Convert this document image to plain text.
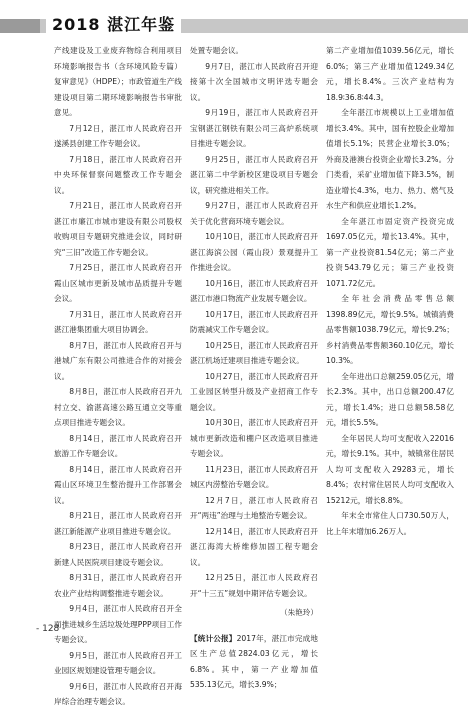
2018 湛江年鉴

产线建设及工业废弃物综合利用项目环境影响报告书（含环境风险专篇）复审意见》（HDPE）；市政管道生产线建设项目第二期环境影响报告书审批意见。

7月12日，湛江市人民政府召开遂溪县创建工作专题会议。

7月18日，湛江市人民政府召开中央环保督察问题整改工作专题会议。

7月21日，湛江市人民政府召开湛江市廉江市城市建设有限公司股权收购项目专题研究推进会议，同时研究“三旧”改造工作专题会议。

7月25日，湛江市人民政府召开霞山区城市更新及城市品质提升专题会议。

7月31日，湛江市人民政府召开湛江港集团重大项目协调会。

8月7日，湛江市人民政府召开与港城广东有限公司推进合作的对接会议。

8月8日，湛江市人民政府召开九村立交、渝湛高速公路互通立交等重点项目推进专题会议。

8月14日，湛江市人民政府召开旅游工作专题会议。

8月14日，湛江市人民政府召开霞山区环境卫生整治提升工作部署会议。

8月21日，湛江市人民政府召开湛江新能源产业项目推进专题会议。

8月23日，湛江市人民政府召开新建人民医院项目建设专题会议。

8月31日，湛江市人民政府召开农业产业结构调整推进专题会议。

9月4日，湛江市人民政府召开全面推进城乡生活垃圾处理PPP项目工作专题会议。

9月5日，湛江市人民政府召开工业园区规划建设管理专题会议。

9月6日，湛江市人民政府召开海岸综合治理专题会议。

处置专题会议。

9月7日，湛江市人民政府召开迎接第十次全国城市文明评选专题会议。

9月19日，湛江市人民政府召开宝钢湛江钢铁有限公司三高炉系统项目推进专题会议。

9月25日，湛江市人民政府召开湛江第二中学新校区建设项目专题会议，研究推进相关工作。

9月27日，湛江市人民政府召开关于优化营商环境专题会议。

10月10日，湛江市人民政府召开湛江海滨公园（霞山段）景观提升工作推进会议。

10月16日，湛江市人民政府召开湛江市港口物流产业发展专题会议。

10月17日，湛江市人民政府召开防震减灾工作专题会议。

10月25日，湛江市人民政府召开湛江机场迁建项目推进专题会议。

10月27日，湛江市人民政府召开工业园区转型升级及产业招商工作专题会议。

10月30日，湛江市人民政府召开城市更新改造和棚户区改造项目推进专题会议。

11月23日，湛江市人民政府召开城区内涝整治专题会议。

12月7日，湛江市人民政府召开“两违”治理与土地整治专题会议。

12月14日，湛江市人民政府召开湛江海湾大桥维修加固工程专题会议。

12月25日，湛江市人民政府召开“十三五”规划中期评估专题会议。

（朱艳玲）

【统计公报】2017年，湛江市完成地区生产总值2824.03亿元，增长6.8%。其中，第一产业增加值535.13亿元，增长3.9%；

第二产业增加值1039.56亿元，增长6.0%；第三产业增加值1249.34亿元，增长8.4%。三次产业结构为18.9∶36.8∶44.3。

全年湛江市规模以上工业增加值增长3.4%。其中，国有控股企业增加值增长5.1%；民营企业增长3.0%；外商及港澳台投资企业增长3.2%。分门类看，采矿业增加值下降3.5%，制造业增长4.3%，电力、热力、燃气及水生产和供应业增长1.2%。

全年湛江市固定资产投资完成1697.05亿元，增长13.4%。其中，第一产业投资81.54亿元；第二产业投资543.79亿元；第三产业投资1071.72亿元。

全年社会消费品零售总额1398.89亿元，增长9.5%。城镇消费品零售额1038.79亿元，增长9.2%；乡村消费品零售额360.10亿元，增长10.3%。

全年进出口总额259.05亿元，增长2.3%。其中，出口总额200.47亿元，增长1.4%；进口总额58.58亿元，增长5.5%。

全年居民人均可支配收入22016元，增长9.1%。其中，城镇常住居民人均可支配收入29283元，增长8.4%；农村常住居民人均可支配收入15212元，增长8.8%。

年末全市常住人口730.50万人，比上年末增加6.26万人。

- 128 -
